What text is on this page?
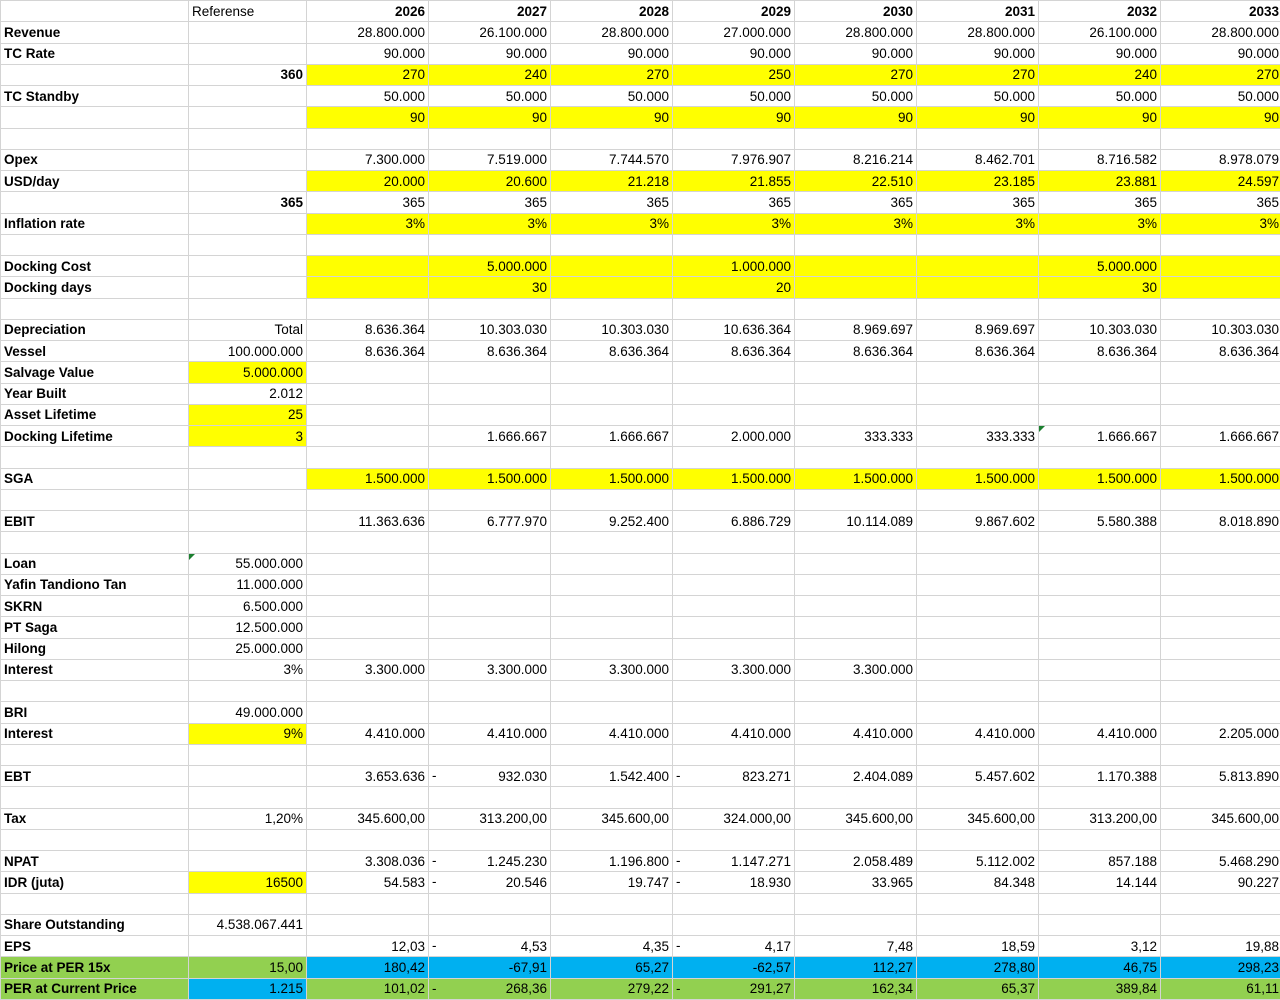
	Referense	2026	2027	2028	2029	2030	2031	2032	2033
Revenue		28.800.000	26.100.000	28.800.000	27.000.000	28.800.000	28.800.000	26.100.000	28.800.000
TC Rate		90.000	90.000	90.000	90.000	90.000	90.000	90.000	90.000
	360	270	240	270	250	270	270	240	270
TC Standby		50.000	50.000	50.000	50.000	50.000	50.000	50.000	50.000
		90	90	90	90	90	90	90	90

Opex		7.300.000	7.519.000	7.744.570	7.976.907	8.216.214	8.462.701	8.716.582	8.978.079
USD/day		20.000	20.600	21.218	21.855	22.510	23.185	23.881	24.597
	365	365	365	365	365	365	365	365	365
Inflation rate		3%	3%	3%	3%	3%	3%	3%	3%

Docking Cost			5.000.000		1.000.000			5.000.000	
Docking days			30		20			30	

Depreciation	Total	8.636.364	10.303.030	10.303.030	10.636.364	8.969.697	8.969.697	10.303.030	10.303.030
Vessel	100.000.000	8.636.364	8.636.364	8.636.364	8.636.364	8.636.364	8.636.364	8.636.364	8.636.364
Salvage Value	5.000.000								
Year Built	2.012								
Asset Lifetime	25								
Docking Lifetime	3		1.666.667	1.666.667	2.000.000	333.333	333.333	1.666.667	1.666.667

SGA		1.500.000	1.500.000	1.500.000	1.500.000	1.500.000	1.500.000	1.500.000	1.500.000

EBIT		11.363.636	6.777.970	9.252.400	6.886.729	10.114.089	9.867.602	5.580.388	8.018.890

Loan	55.000.000

Yafin Tandiono Tan	11.000.000								
SKRN	6.500.000								
PT Saga	12.500.000								
Hilong	25.000.000								
Interest	3%	3.300.000	3.300.000	3.300.000	3.300.000	3.300.000			

BRI	49.000.000								
Interest	9%	4.410.000	4.410.000	4.410.000	4.410.000	4.410.000	4.410.000	4.410.000	2.205.000

EBT		3.653.636	- 932.030	1.542.400	- 823.271	2.404.089	5.457.602	1.170.388	5.813.890

Tax	1,20%	345.600,00	313.200,00	345.600,00	324.000,00	345.600,00	345.600,00	313.200,00	345.600,00

NPAT		3.308.036	- 1.245.230	1.196.800	- 1.147.271	2.058.489	5.112.002	857.188	5.468.290
IDR (juta)	16500	54.583	- 20.546	19.747	- 18.930	33.965	84.348	14.144	90.227

Share Outstanding	4.538.067.441								
EPS		12,03	- 4,53	4,35	- 4,17	7,48	18,59	3,12	19,88
Price at PER 15x	15,00	180,42	-67,91	65,27	-62,57	112,27	278,80	46,75	298,23
PER at Current Price	1.215	101,02	- 268,36	279,22	- 291,27	162,34	65,37	389,84	61,11
